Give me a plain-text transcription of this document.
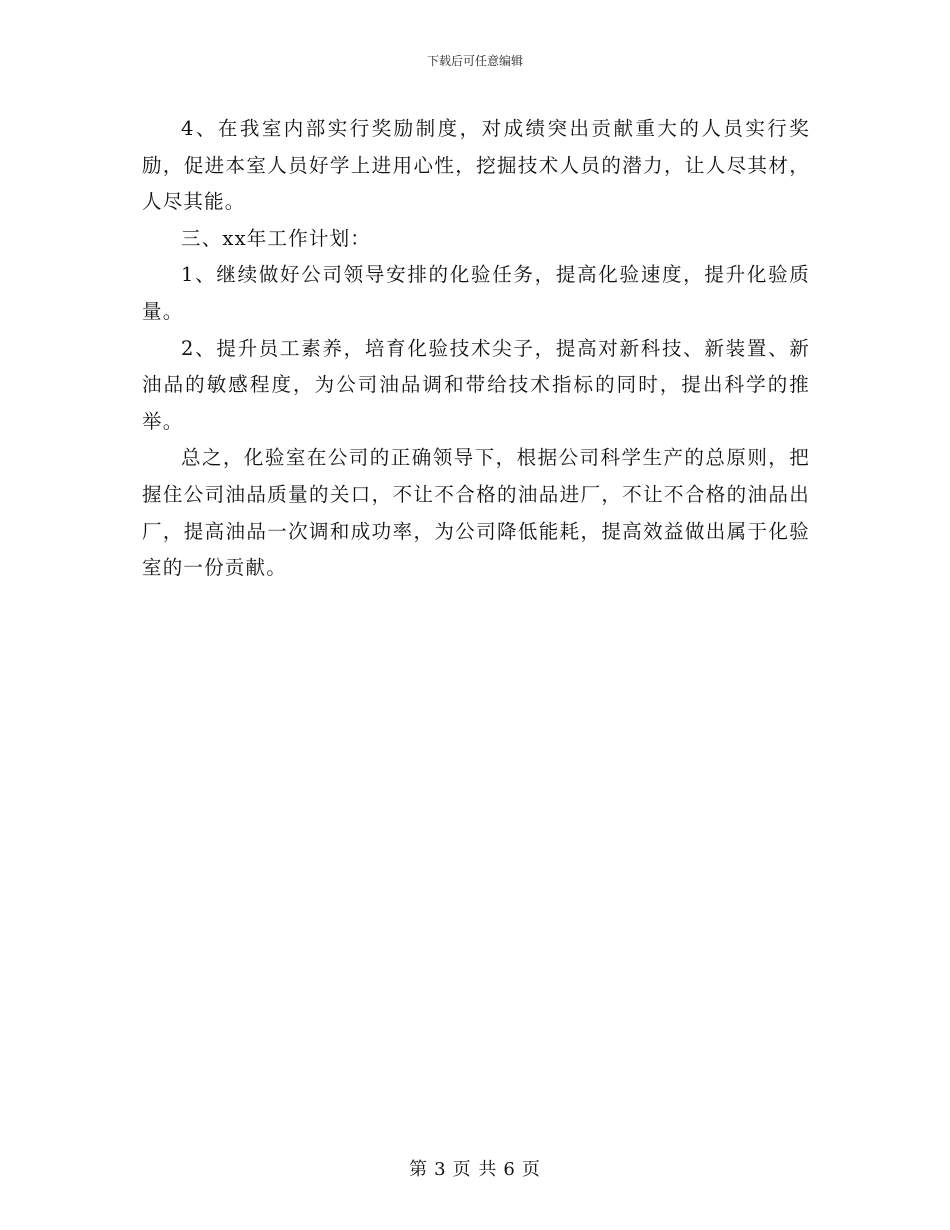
下载后可任意编辑

4、在我室内部实行奖励制度，对成绩突出贡献重大的人员实行奖励，促进本室人员好学上进用心性，挖掘技术人员的潜力，让人尽其材，人尽其能。

三、xx年工作计划：

1、继续做好公司领导安排的化验任务，提高化验速度，提升化验质量。

2、提升员工素养，培育化验技术尖子，提高对新科技、新装置、新油品的敏感程度，为公司油品调和带给技术指标的同时，提出科学的推举。

总之，化验室在公司的正确领导下，根据公司科学生产的总原则，把握住公司油品质量的关口，不让不合格的油品进厂，不让不合格的油品出厂，提高油品一次调和成功率，为公司降低能耗，提高效益做出属于化验室的一份贡献。

第 3 页 共 6 页
